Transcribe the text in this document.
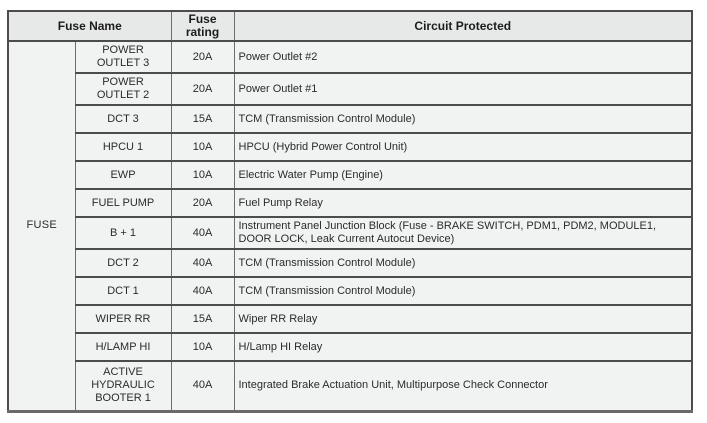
Fuse Name		Fuse rating	Circuit Protected
FUSE	POWER OUTLET 3	20A	Power Outlet #2
	POWER OUTLET 2	20A	Power Outlet #1
	DCT 3	15A	TCM (Transmission Control Module)
	HPCU 1	10A	HPCU (Hybrid Power Control Unit)
	EWP	10A	Electric Water Pump (Engine)
	FUEL PUMP	20A	Fuel Pump Relay
	B + 1	40A	Instrument Panel Junction Block (Fuse - BRAKE SWITCH, PDM1, PDM2, MODULE1, DOOR LOCK, Leak Current Autocut Device)
	DCT 2	40A	TCM (Transmission Control Module)
	DCT 1	40A	TCM (Transmission Control Module)
	WIPER RR	15A	Wiper RR Relay
	H/LAMP HI	10A	H/Lamp HI Relay
	ACTIVE HYDRAULIC BOOTER 1	40A	Integrated Brake Actuation Unit, Multipurpose Check Connector
